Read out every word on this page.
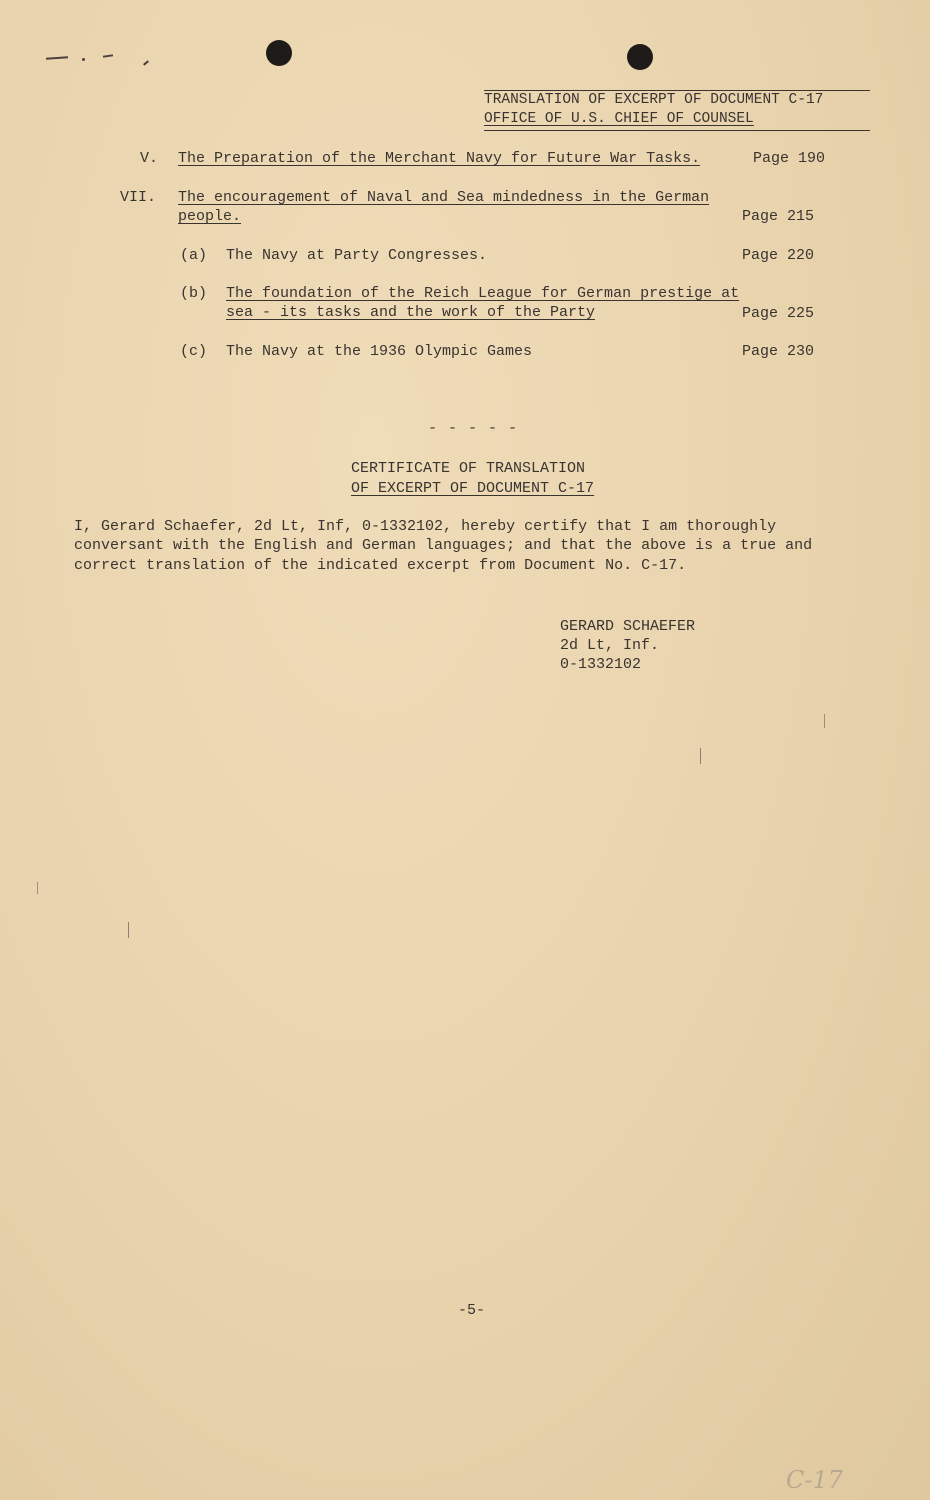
TRANSLATION OF EXCERPT OF DOCUMENT C-17
OFFICE OF U.S. CHIEF OF COUNSEL
V. The Preparation of the Merchant Navy for Future War Tasks.	Page 190
VII. The encouragement of Naval and Sea mindedness in the German
people.	Page 215
(a) The Navy at Party Congresses.	Page 220
(b) The foundation of the Reich League for German prestige at
sea - its tasks and the work of the Party	Page 225
(c) The Navy at the 1936 Olympic Games	Page 230
- - - - -
CERTIFICATE OF TRANSLATION
OF EXCERPT OF DOCUMENT C-17
I, Gerard Schaefer, 2d Lt, Inf, 0-1332102, hereby certify that I am thoroughly
conversant with the English and German languages; and that the above is a true and
correct translation of the indicated excerpt from Document No. C-17.
GERARD SCHAEFER
2d Lt, Inf.
0-1332102
-5-
C-17
